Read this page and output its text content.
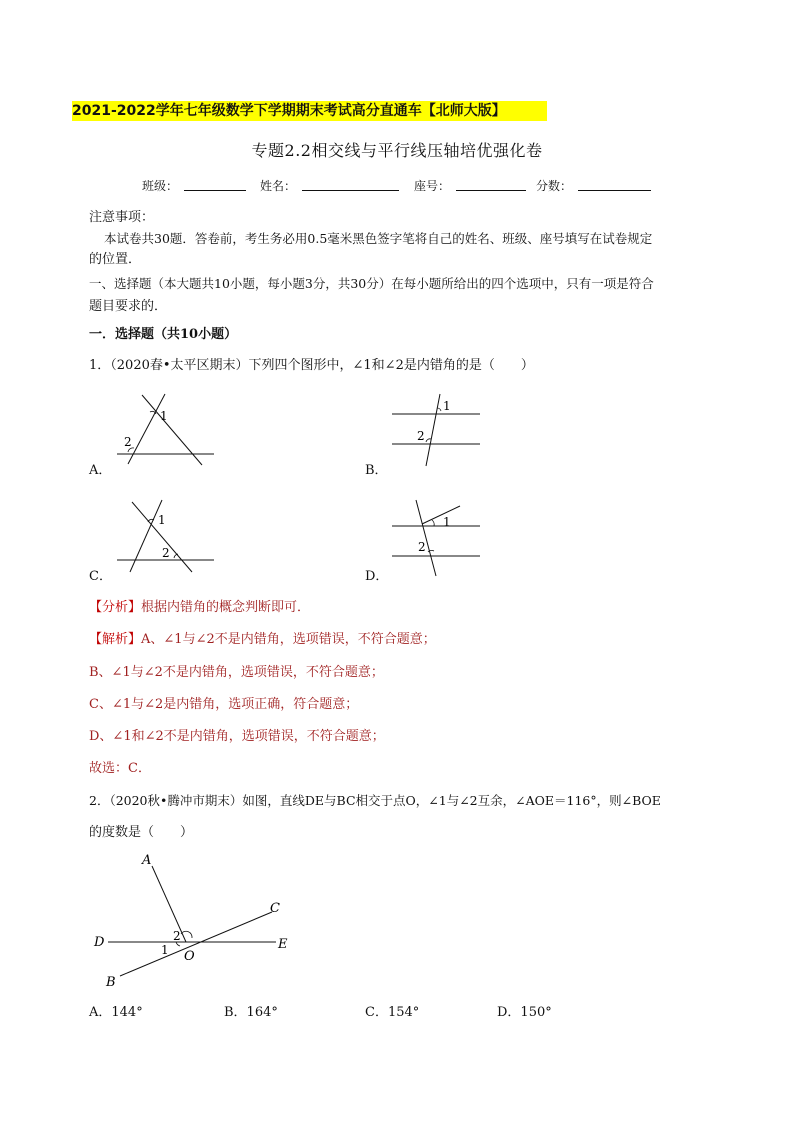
2021-2022学年七年级数学下学期期末考试高分直通车【北师大版】
专题2.2相交线与平行线压轴培优强化卷
班级：	姓名：	座号：	分数：
注意事项：
本试卷共30题．答卷前，考生务必用0.5毫米黑色签字笔将自己的姓名、班级、座号填写在试卷规定
的位置．
一、选择题（本大题共10小题，每小题3分，共30分）在每小题所给出的四个选项中，只有一项是符合
题目要求的．
一．选择题（共10小题）
1．（2020春•太平区期末）下列四个图形中，∠1和∠2是内错角的是（　　）
1
2
A．
1
2
B．
1
2
C．
1
2
D．
【分析】根据内错角的概念判断即可．
【解析】A、∠1与∠2不是内错角，选项错误，不符合题意；
B、∠1与∠2不是内错角，选项错误，不符合题意；
C、∠1与∠2是内错角，选项正确，符合题意；
D、∠1和∠2不是内错角，选项错误，不符合题意；
故选：C．
2．（2020秋•腾冲市期末）如图，直线DE与BC相交于点O，∠1与∠2互余，∠AOE＝116°，则∠BOE
的度数是（　　）
A
C
D	E
O
B
2
1
A．144°	B．164°	C．154°	D．150°
